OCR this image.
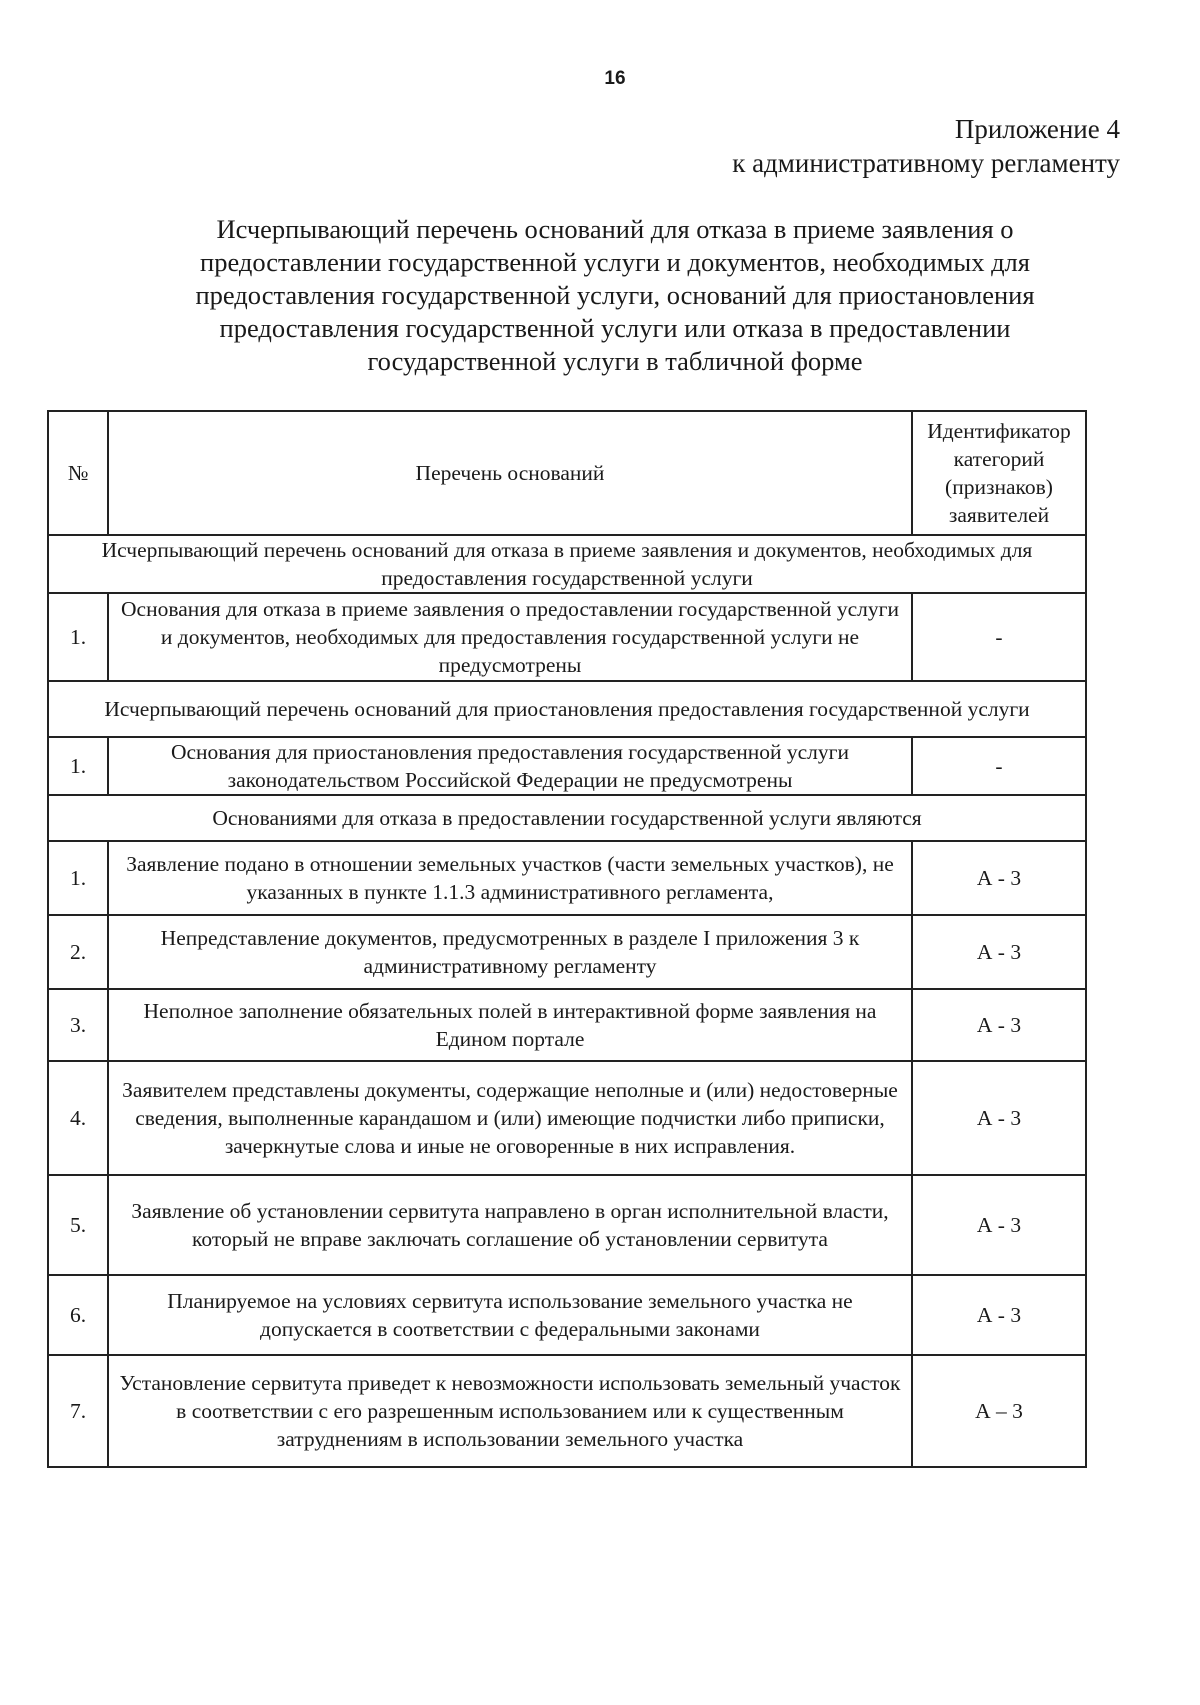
16
Приложение 4
к административному регламенту
Исчерпывающий перечень оснований для отказа в приеме заявления о
предоставлении государственной услуги и документов, необходимых для
предоставления государственной услуги, оснований для приостановления
предоставления государственной услуги или отказа в предоставлении
государственной услуги в табличной форме
№	Перечень оснований	Идентификатор категорий (признаков) заявителей
Исчерпывающий перечень оснований для отказа в приеме заявления и документов, необходимых для предоставления государственной услуги		
1.	Основания для отказа в приеме заявления о предоставлении государственной услуги и документов, необходимых для предоставления государственной услуги не предусмотрены	-
Исчерпывающий перечень оснований для приостановления предоставления государственной услуги		
1.	Основания для приостановления предоставления государственной услуги законодательством Российской Федерации не предусмотрены	-
Основаниями для отказа в предоставлении государственной услуги являются		
1.	Заявление подано в отношении земельных участков (части земельных участков), не указанных в пункте 1.1.3 административного регламента,	А - 3
2.	Непредставление документов, предусмотренных в разделе I приложения 3 к административному регламенту	А - 3
3.	Неполное заполнение обязательных полей в интерактивной форме заявления на Едином портале	А - 3
4.	Заявителем представлены документы, содержащие неполные и (или) недостоверные сведения, выполненные карандашом и (или) имеющие подчистки либо приписки, зачеркнутые слова и иные не оговоренные в них исправления.	А - 3
5.	Заявление об установлении сервитута направлено в орган исполнительной власти, который не вправе заключать соглашение об установлении сервитута	А - 3
6.	Планируемое на условиях сервитута использование земельного участка не допускается в соответствии с федеральными законами	А - 3
7.	Установление сервитута приведет к невозможности использовать земельный участок в соответствии с его разрешенным использованием или к существенным затруднениям в использовании земельного участка	А – 3
